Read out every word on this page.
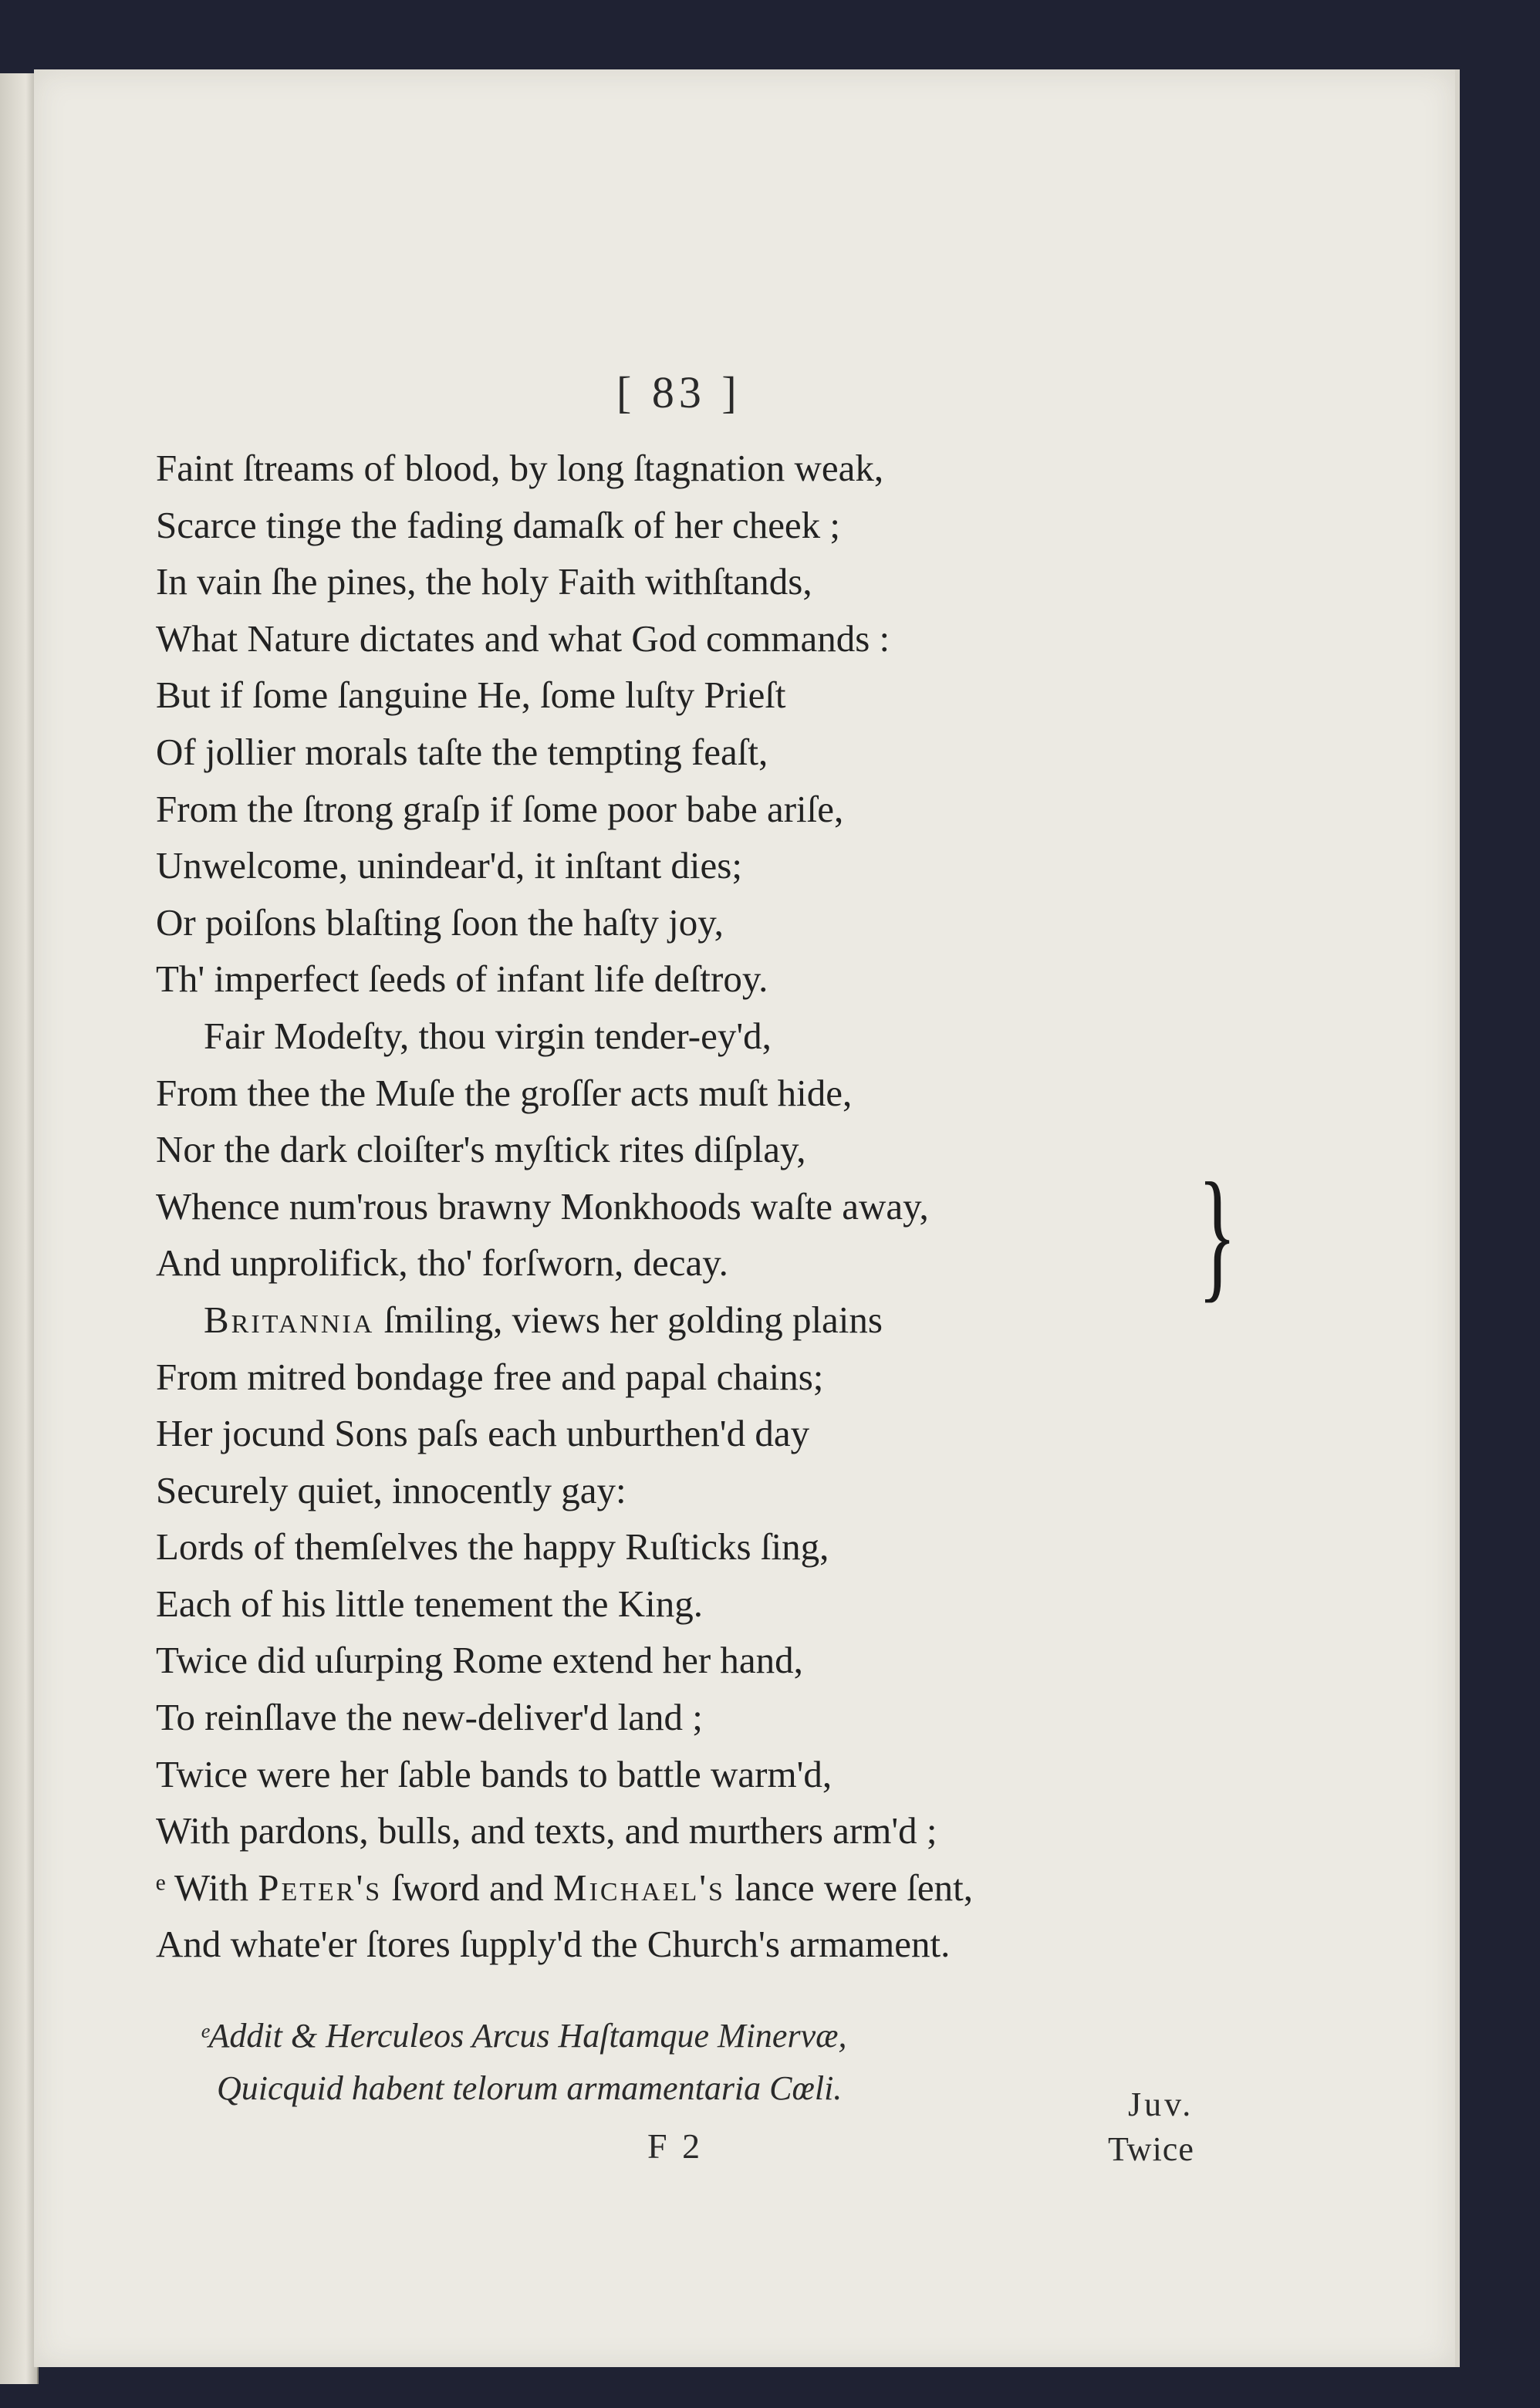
[ 83 ]
Faint ſtreams of blood, by long ſtagnation weak,
Scarce tinge the fading damaſk of her cheek ;
In vain ſhe pines, the holy Faith withſtands,
What Nature dictates and what God commands :
But if ſome ſanguine He, ſome luſty Prieſt
Of jollier morals taſte the tempting feaſt,
From the ſtrong graſp if ſome poor babe ariſe,
Unwelcome, unindear'd, it inſtant dies;
Or poiſons blaſting ſoon the haſty joy,
Th' imperfect ſeeds of infant life deſtroy.
Fair Modeſty, thou virgin tender-ey'd,
From thee the Muſe the groſſer acts muſt hide,
Nor the dark cloiſter's myſtick rites diſplay,
Whence num'rous brawny Monkhoods waſte away,
And unprolifick, tho' forſworn, decay.
Britannia ſmiling, views her golding plains
From mitred bondage free and papal chains;
Her jocund Sons paſs each unburthen'd day
Securely quiet, innocently gay:
Lords of themſelves the happy Ruſticks ſing,
Each of his little tenement the King.
Twice did uſurping Rome extend her hand,
To reinſlave the new-deliver'd land ;
Twice were her ſable bands to battle warm'd,
With pardons, bulls, and texts, and murthers arm'd ;
ᵉ With Peter's ſword and Michael's lance were ſent,
And whate'er ſtores ſupply'd the Church's armament.
}
ᵉAddit & Herculeos Arcus Haſtamque Minervæ,
Quicquid habent telorum armamentaria Cœli.	Juv.
F 2	Twice
